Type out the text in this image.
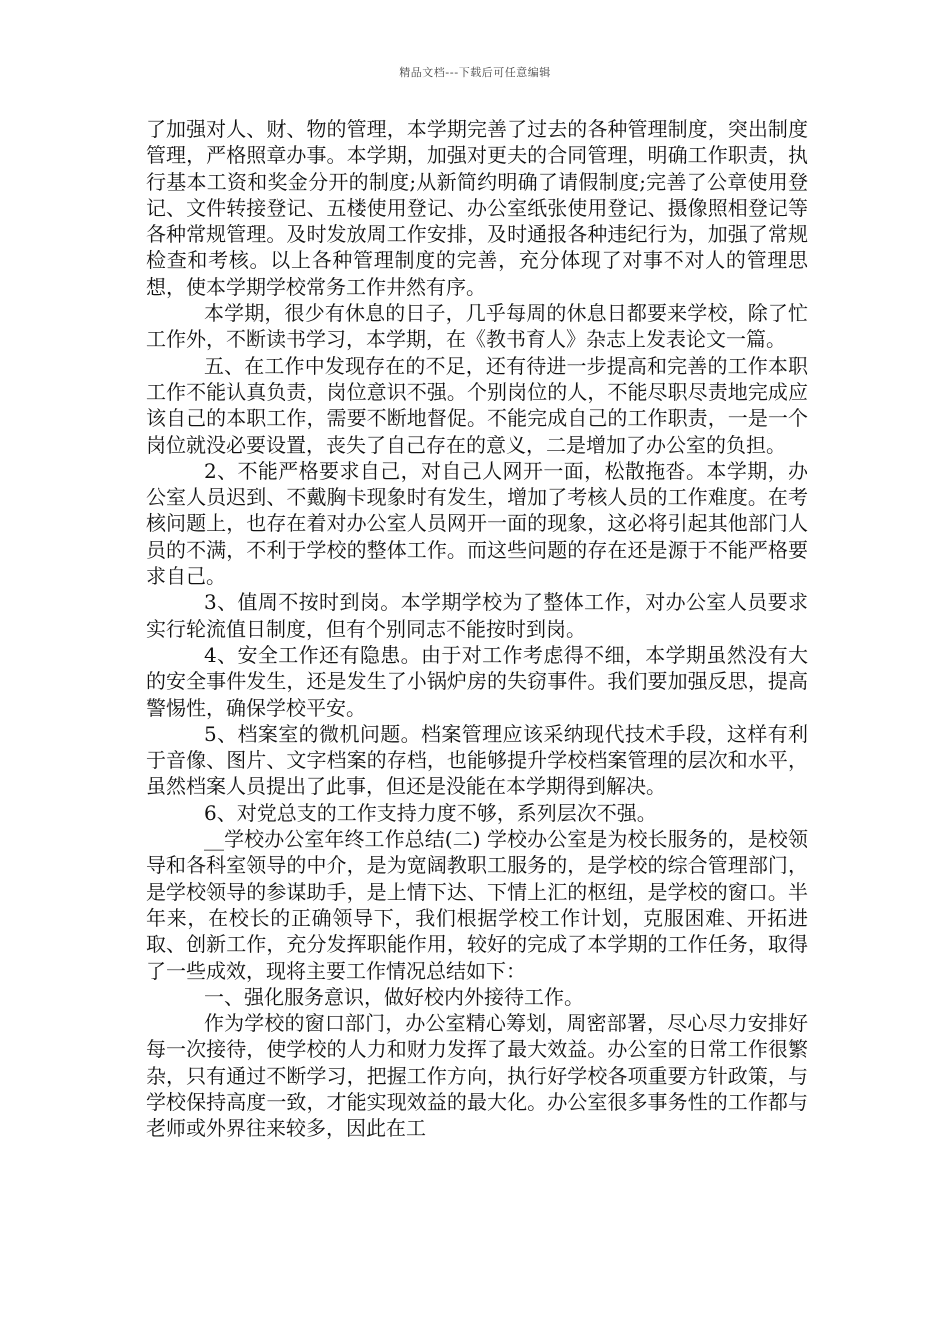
精品文档---下载后可任意编辑

了加强对人、财、物的管理，本学期完善了过去的各种管理制度，突出制度管理，严格照章办事。本学期，加强对更夫的合同管理，明确工作职责，执行基本工资和奖金分开的制度;从新简约明确了请假制度;完善了公章使用登记、文件转接登记、五楼使用登记、办公室纸张使用登记、摄像照相登记等各种常规管理。及时发放周工作安排，及时通报各种违纪行为，加强了常规检查和考核。以上各种管理制度的完善，充分体现了对事不对人的管理思想，使本学期学校常务工作井然有序。

本学期，很少有休息的日子，几乎每周的休息日都要来学校，除了忙工作外，不断读书学习，本学期，在《教书育人》杂志上发表论文一篇。

五、在工作中发现存在的不足，还有待进一步提高和完善的工作本职工作不能认真负责，岗位意识不强。个别岗位的人，不能尽职尽责地完成应该自己的本职工作，需要不断地督促。不能完成自己的工作职责，一是一个岗位就没必要设置，丧失了自己存在的意义，二是增加了办公室的负担。

2、不能严格要求自己，对自己人网开一面，松散拖沓。本学期，办公室人员迟到、不戴胸卡现象时有发生，增加了考核人员的工作难度。在考核问题上，也存在着对办公室人员网开一面的现象，这必将引起其他部门人员的不满，不利于学校的整体工作。而这些问题的存在还是源于不能严格要求自己。

3、值周不按时到岗。本学期学校为了整体工作，对办公室人员要求实行轮流值日制度，但有个别同志不能按时到岗。

4、安全工作还有隐患。由于对工作考虑得不细，本学期虽然没有大的安全事件发生，还是发生了小锅炉房的失窃事件。我们要加强反思，提高警惕性，确保学校平安。

5、档案室的微机问题。档案管理应该采纳现代技术手段，这样有利于音像、图片、文字档案的存档，也能够提升学校档案管理的层次和水平，虽然档案人员提出了此事，但还是没能在本学期得到解决。

6、对党总支的工作支持力度不够，系列层次不强。

__学校办公室年终工作总结(二) 学校办公室是为校长服务的，是校领导和各科室领导的中介，是为宽阔教职工服务的，是学校的综合管理部门，是学校领导的参谋助手，是上情下达、下情上汇的枢纽，是学校的窗口。半年来，在校长的正确领导下，我们根据学校工作计划，克服困难、开拓进取、创新工作，充分发挥职能作用，较好的完成了本学期的工作任务，取得了一些成效，现将主要工作情况总结如下：

一、强化服务意识，做好校内外接待工作。

作为学校的窗口部门，办公室精心筹划，周密部署，尽心尽力安排好每一次接待，使学校的人力和财力发挥了最大效益。办公室的日常工作很繁杂，只有通过不断学习，把握工作方向，执行好学校各项重要方针政策，与学校保持高度一致，才能实现效益的最大化。办公室很多事务性的工作都与老师或外界往来较多，因此在工
